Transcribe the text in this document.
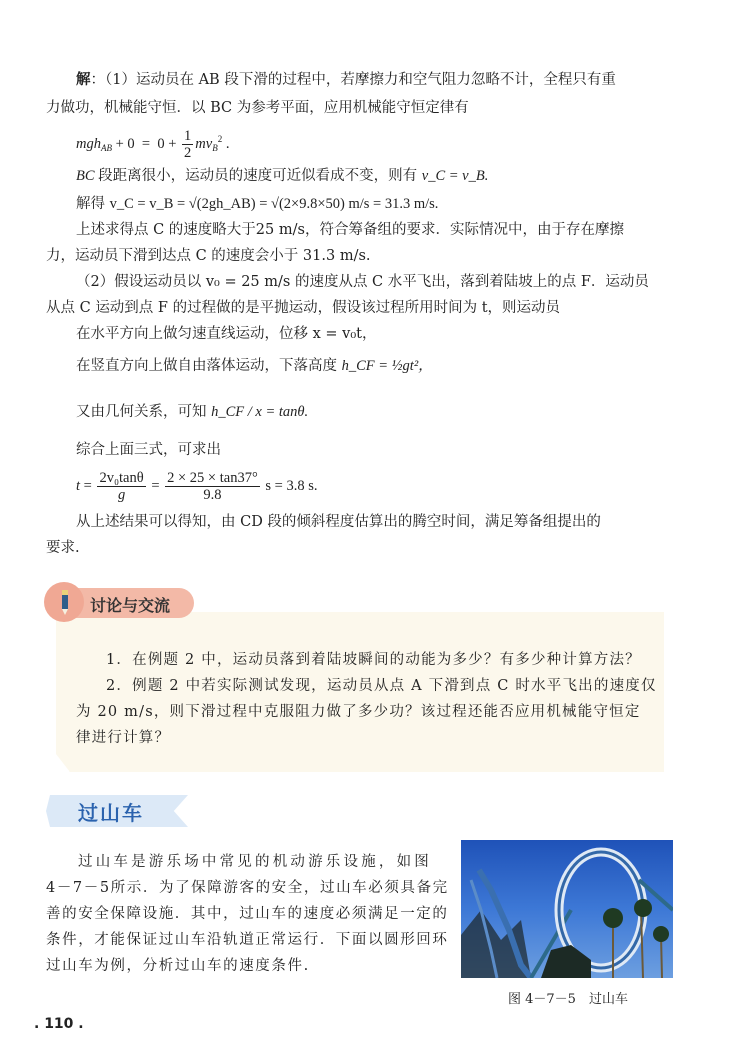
解：（1）运动员在 AB 段下滑的过程中，若摩擦力和空气阻力忽略不计，全程只有重
力做功，机械能守恒．以 BC 为参考平面，应用机械能守恒定律有
$mgh_{AB} + 0 = 0 + \frac{1}{2} mv_B^2$ .
BC 段距离很小，运动员的速度可近似看成不变，则有 v_C = v_B.
解得 v_C = v_B = √(2gh_AB) = √(2×9.8×50) m/s = 31.3 m/s.
上述求得点 C 的速度略大于25 m/s，符合筹备组的要求．实际情况中，由于存在摩擦
力，运动员下滑到达点 C 的速度会小于 31.3 m/s.
（2）假设运动员以 v₀ = 25 m/s 的速度从点 C 水平飞出，落到着陆坡上的点 F．运动员
从点 C 运动到点 F 的过程做的是平抛运动，假设该过程所用时间为 t，则运动员
在水平方向上做匀速直线运动，位移 x = v₀t，
在竖直方向上做自由落体运动，下落高度 h_CF = ½gt²，
又由几何关系，可知 h_CF / x = tanθ.
综合上面三式，可求出
$t = \frac{\text{2v₀tanθ}}{g} = \frac{2 \times 25 \times \tan 37^\circ}{9.8}$ s = 3.8 s.
从上述结果可以得知，由 CD 段的倾斜程度估算出的腾空时间，满足筹备组提出的
要求.
讨论与交流
1．在例题 2 中，运动员落到着陆坡瞬间的动能为多少？有多少种计算方法？
2．例题 2 中若实际测试发现，运动员从点 A 下滑到点 C 时水平飞出的速度仅
为 20 m/s，则下滑过程中克服阻力做了多少功？该过程还能否应用机械能守恒定
律进行计算？
过山车
过山车是游乐场中常见的机动游乐设施，如图
4－7－5所示．为了保障游客的安全，过山车必须具备完
善的安全保障设施．其中，过山车的速度必须满足一定的
条件，才能保证过山车沿轨道正常运行．下面以圆形回环
过山车为例，分析过山车的速度条件.
图 4－7－5　过山车
. 110 .
